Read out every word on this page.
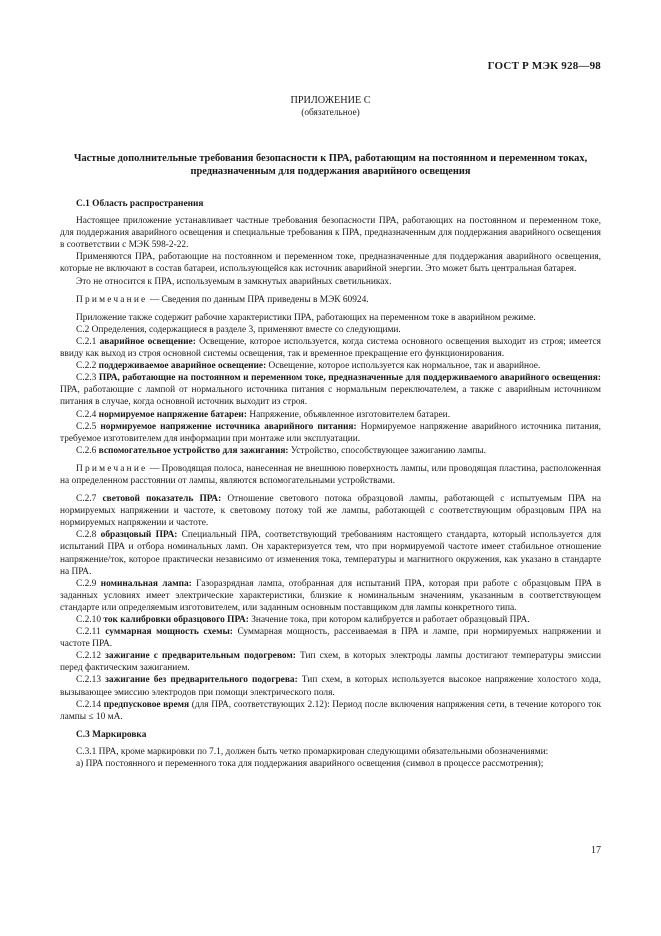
ГОСТ Р МЭК 928—98
ПРИЛОЖЕНИЕ С
(обязательное)
Частные дополнительные требования безопасности к ПРА, работающим на постоянном и переменном токах, предназначенным для поддержания аварийного освещения
С.1 Область распространения

Настоящее приложение устанавливает частные требования безопасности ПРА, работающих на постоянном и переменном токе, для поддержания аварийного освещения и специальные требования к ПРА, предназначенным для поддержания аварийного освещения в соответствии с МЭК 598-2-22.

Применяются ПРА, работающие на постоянном и переменном токе, предназначенные для поддержания аварийного освещения, которые не включают в состав батареи, использующейся как источник аварийной энергии. Это может быть центральная батарея.

Это не относится к ПРА, используемым в замкнутых аварийных светильниках.

Примечание — Сведения по данным ПРА приведены в МЭК 60924.

Приложение также содержит рабочие характеристики ПРА, работающих на переменном токе в аварийном режиме.

С.2 Определения, содержащиеся в разделе 3, применяют вместе со следующими.

С.2.1 аварийное освещение: Освещение, которое используется, когда система основного освещения выходит из строя; имеется ввиду как выход из строя основной системы освещения, так и временное прекращение его функционирования.

С.2.2 поддерживаемое аварийное освещение: Освещение, которое используется как нормальное, так и аварийное.

С.2.3 ПРА, работающие на постоянном и переменном токе, предназначенные для поддерживаемого аварийного освещения: ПРА, работающие с лампой от нормального источника питания с нормальным переключателем, а также с аварийным источником питания в случае, когда основной источник выходит из строя.

С.2.4 нормируемое напряжение батареи: Напряжение, объявленное изготовителем батареи.

С.2.5 нормируемое напряжение источника аварийного питания: Нормируемое напряжение аварийного источника питания, требуемое изготовителем для информации при монтаже или эксплуатации.

С.2.6 вспомогательное устройство для зажигания: Устройство, способствующее зажиганию лампы.

Примечание — Проводящая полоса, нанесенная не внешнюю поверхность лампы, или проводящая пластина, расположенная на определенном расстоянии от лампы, являются вспомогательными устройствами.

С.2.7 световой показатель ПРА: Отношение светового потока образцовой лампы, работающей с испытуемым ПРА на нормируемых напряжении и частоте, к световому потоку той же лампы, работающей с соответствующим образцовым ПРА на нормируемых напряжении и частоте.

С.2.8 образцовый ПРА: Специальный ПРА, соответствующий требованиям настоящего стандарта, который используется для испытаний ПРА и отбора номинальных ламп. Он характеризуется тем, что при нормируемой частоте имеет стабильное отношение напряжение/ток, которое практически независимо от изменения тока, температуры и магнитного окружения, как указано в стандарте на ПРА.

С.2.9 номинальная лампа: Газоразрядная лампа, отобранная для испытаний ПРА, которая при работе с образцовым ПРА в заданных условиях имеет электрические характеристики, близкие к номинальным значениям, указанным в соответствующем стандарте или определяемым изготовителем, или заданным основным поставщиком для лампы конкретного типа.

С.2.10 ток калибровки образцового ПРА: Значение тока, при котором калибруется и работает образцовый ПРА.

С.2.11 суммарная мощность схемы: Суммарная мощность, рассеиваемая в ПРА и лампе, при нормируемых напряжении и частоте ПРА.

С.2.12 зажигание с предварительным подогревом: Тип схем, в которых электроды лампы достигают температуры эмиссии перед фактическим зажиганием.

С.2.13 зажигание без предварительного подогрева: Тип схем, в которых используется высокое напряжение холостого хода, вызывающее эмиссию электродов при помощи электрического поля.

С.2.14 предпусковое время (для ПРА, соответствующих 2.12): Период после включения напряжения сети, в течение которого ток лампы ≤ 10 мА.

С.3 Маркировка

С.3.1 ПРА, кроме маркировки по 7.1, должен быть четко промаркирован следующими обязательными обозначениями:

а) ПРА постоянного и переменного тока для поддержания аварийного освещения (символ в процессе рассмотрения);

17
